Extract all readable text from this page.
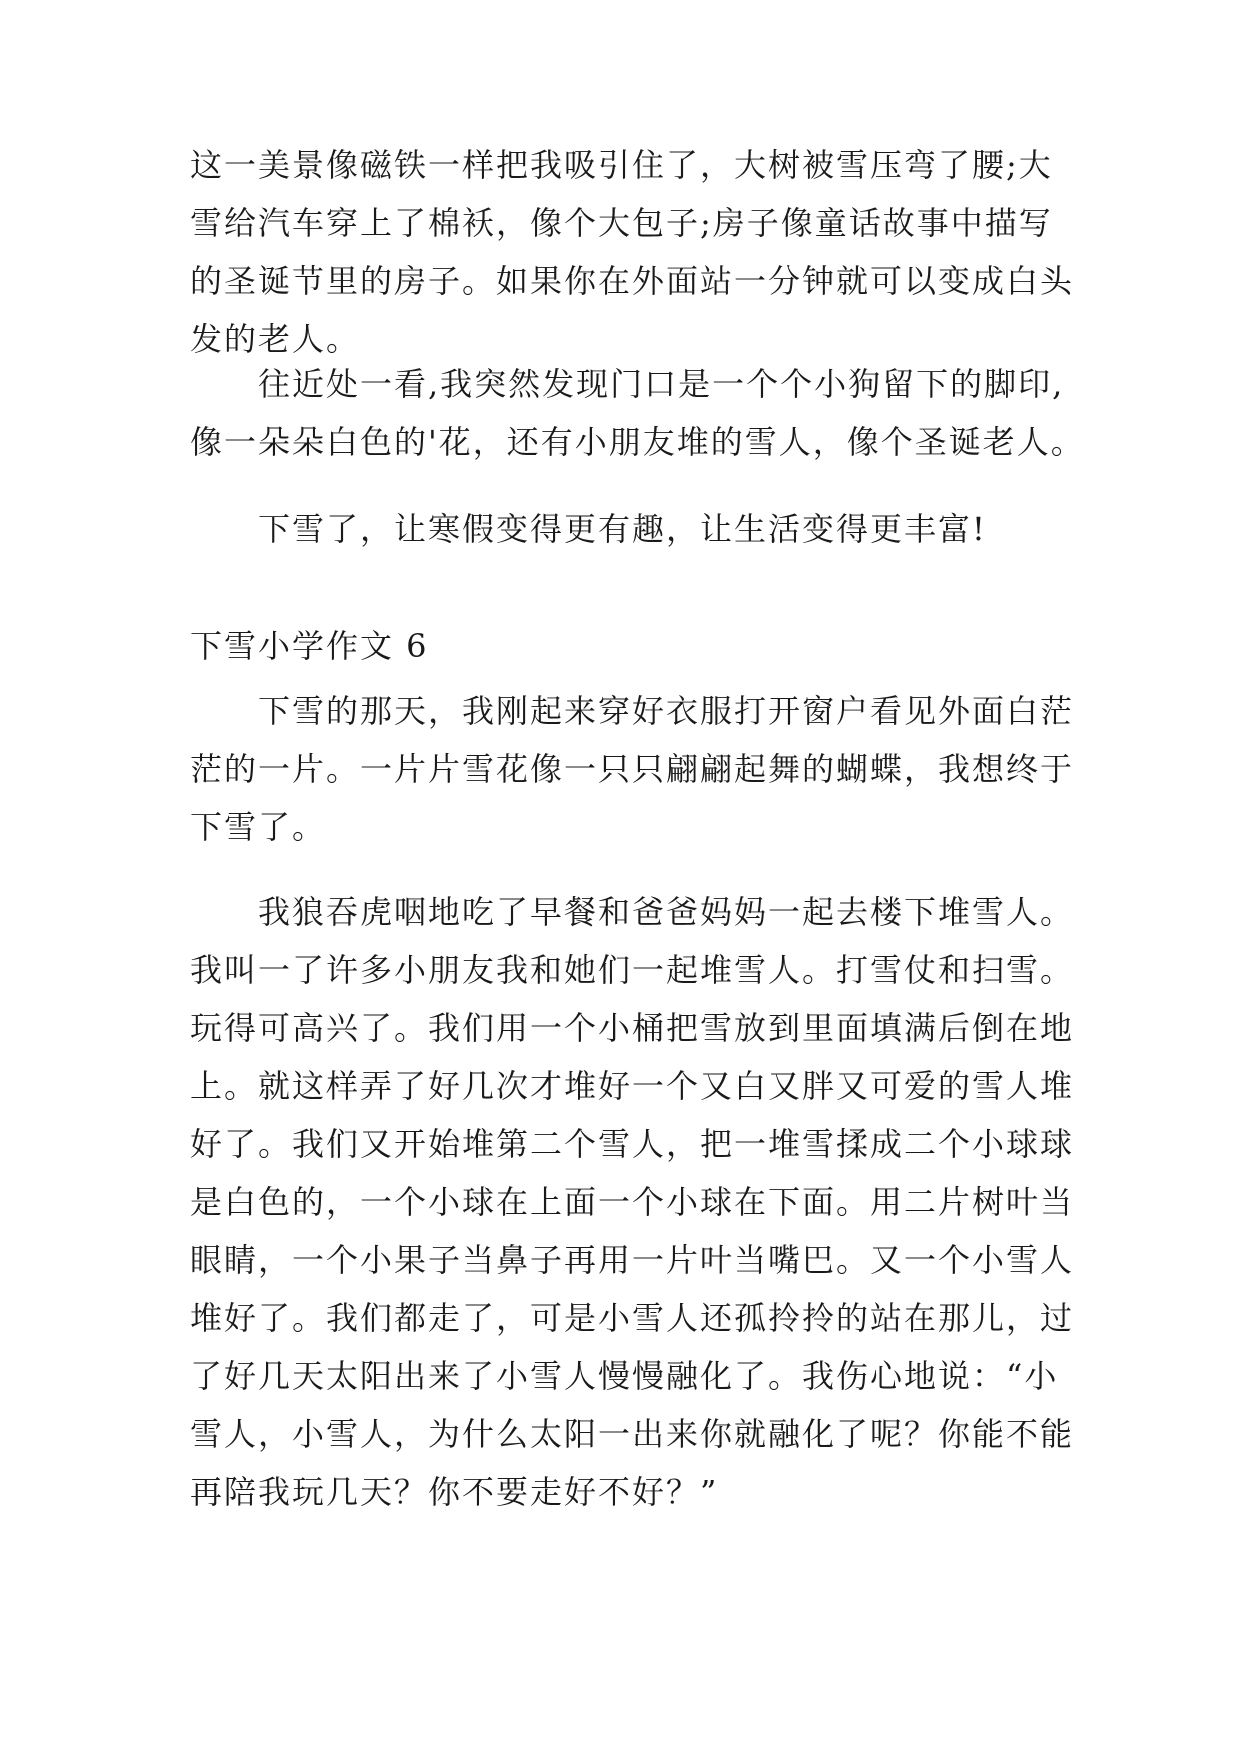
这一美景像磁铁一样把我吸引住了，大树被雪压弯了腰;大
雪给汽车穿上了棉袄，像个大包子;房子像童话故事中描写
的圣诞节里的房子。如果你在外面站一分钟就可以变成白头
发的老人。
往近处一看,我突然发现门口是一个个小狗留下的脚印,
像一朵朵白色的'花，还有小朋友堆的雪人，像个圣诞老人。
下雪了，让寒假变得更有趣，让生活变得更丰富!
下雪小学作文 6
下雪的那天，我刚起来穿好衣服打开窗户看见外面白茫
茫的一片。一片片雪花像一只只翩翩起舞的蝴蝶，我想终于
下雪了。
我狼吞虎咽地吃了早餐和爸爸妈妈一起去楼下堆雪人。
我叫一了许多小朋友我和她们一起堆雪人。打雪仗和扫雪。
玩得可高兴了。我们用一个小桶把雪放到里面填满后倒在地
上。就这样弄了好几次才堆好一个又白又胖又可爱的雪人堆
好了。我们又开始堆第二个雪人，把一堆雪揉成二个小球球
是白色的，一个小球在上面一个小球在下面。用二片树叶当
眼睛，一个小果子当鼻子再用一片叶当嘴巴。又一个小雪人
堆好了。我们都走了，可是小雪人还孤拎拎的站在那儿，过
了好几天太阳出来了小雪人慢慢融化了。我伤心地说：“小
雪人，小雪人，为什么太阳一出来你就融化了呢？你能不能
再陪我玩几天？你不要走好不好？”
